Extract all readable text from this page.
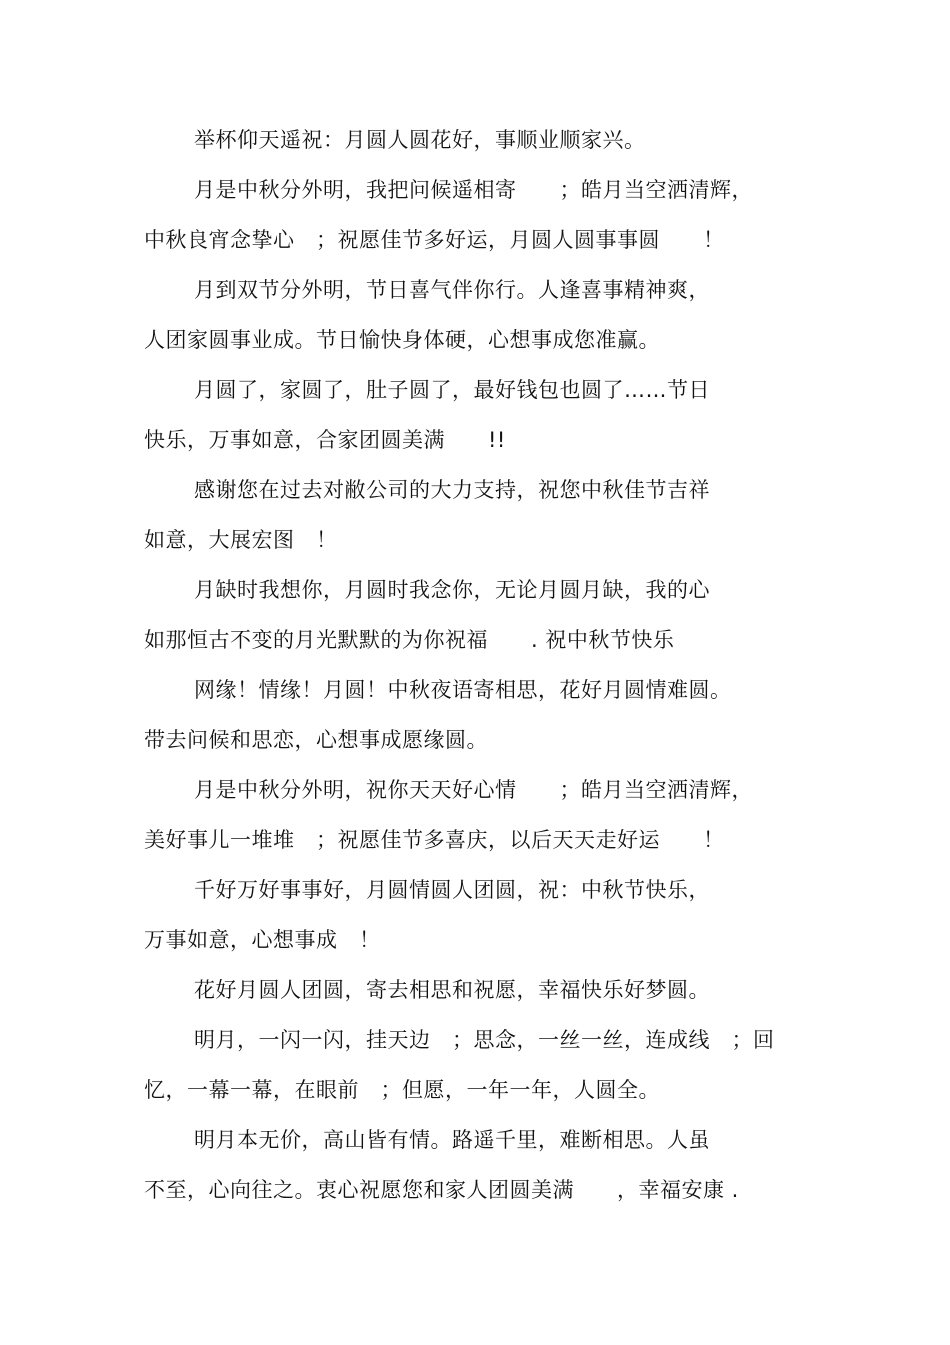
举杯仰天遥祝：月圆人圆花好，事顺业顺家兴。
月是中秋分外明，我把问候遥相寄　　；皓月当空洒清辉，
中秋良宵念挚心　；祝愿佳节多好运，月圆人圆事事圆　　！
月到双节分外明，节日喜气伴你行。人逢喜事精神爽，
人团家圆事业成。节日愉快身体硬，心想事成您准赢。
月圆了，家圆了，肚子圆了，最好钱包也圆了……节日
快乐，万事如意，合家团圆美满　　!!
感谢您在过去对敝公司的大力支持，祝您中秋佳节吉祥
如意，大展宏图　！
月缺时我想你，月圆时我念你，无论月圆月缺，我的心
如那恒古不变的月光默默的为你祝福　　. 祝中秋节快乐
网缘！情缘！月圆！中秋夜语寄相思，花好月圆情难圆。
带去问候和思恋，心想事成愿缘圆。
月是中秋分外明，祝你天天好心情　　；皓月当空洒清辉，
美好事儿一堆堆　；祝愿佳节多喜庆，以后天天走好运　　！
千好万好事事好，月圆情圆人团圆，祝：中秋节快乐，
万事如意，心想事成　！
花好月圆人团圆，寄去相思和祝愿，幸福快乐好梦圆。
明月，一闪一闪，挂天边　；思念，一丝一丝，连成线　；回
忆，一幕一幕，在眼前　；但愿，一年一年，人圆全。
明月本无价，高山皆有情。路遥千里，难断相思。人虽
不至，心向往之。衷心祝愿您和家人团圆美满　　，幸福安康 .
